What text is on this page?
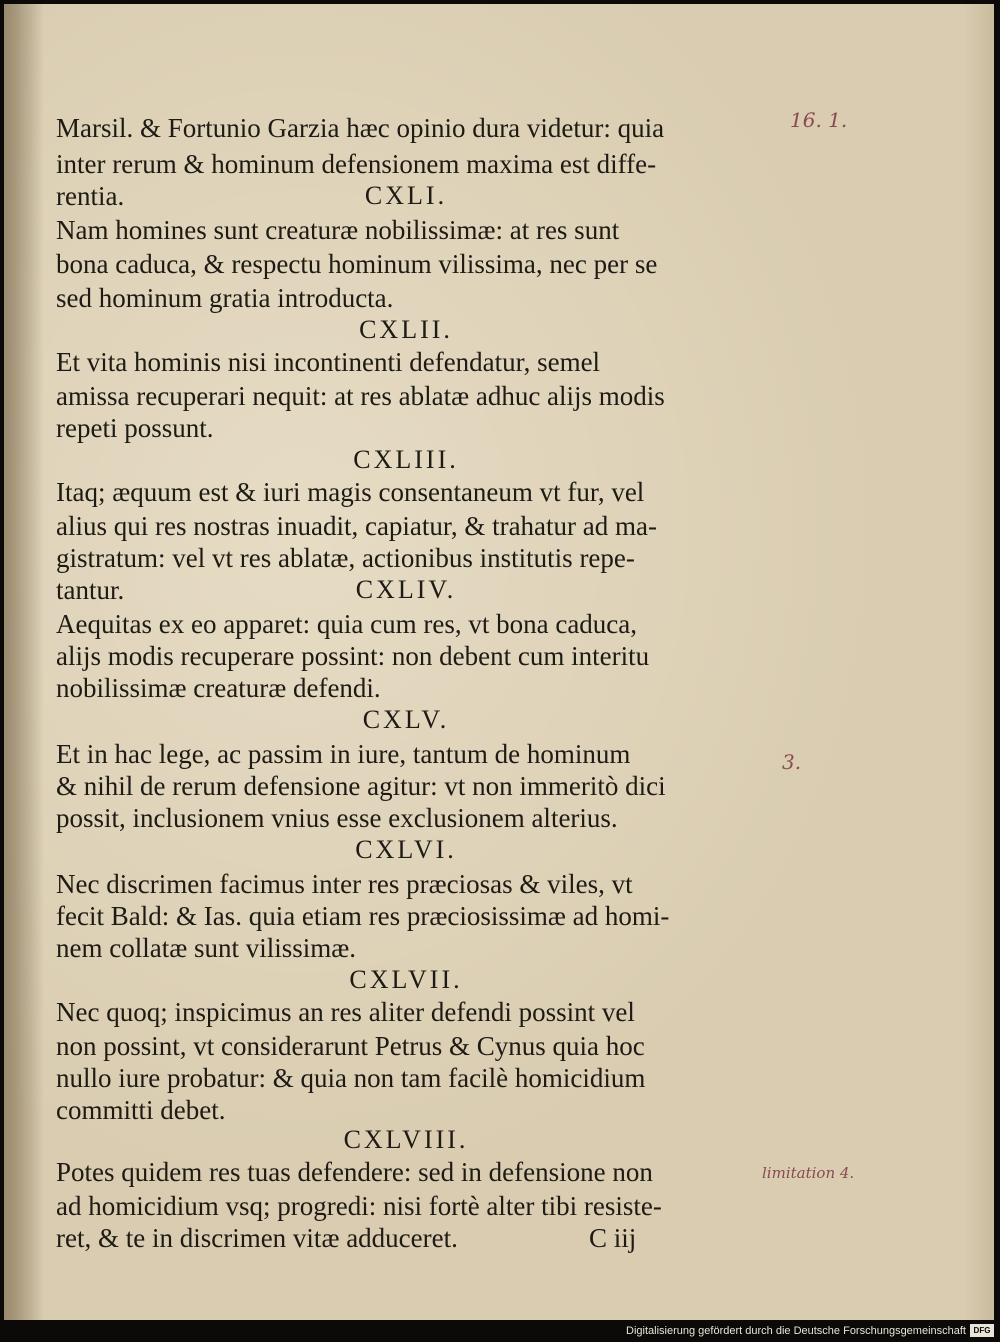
Marsil. & Fortunio Garzia hæc opinio dura videtur: quia
inter rerum & hominum defensionem maxima est diffe-
rentia.	CXLI.
Nam homines sunt creaturæ nobilissimæ: at res sunt
bona caduca, & respectu hominum vilissima, nec per se
sed hominum gratia introducta.
CXLII.
Et vita hominis nisi incontinenti defendatur, semel
amissa recuperari nequit: at res ablatæ adhuc alijs modis
repeti possunt.
CXLIII.
Itaq; æquum est & iuri magis consentaneum vt fur, vel
alius qui res nostras inuadit, capiatur, & trahatur ad ma-
gistratum: vel vt res ablatæ, actionibus institutis repe-
tantur.	CXLIV.
Aequitas ex eo apparet: quia cum res, vt bona caduca,
alijs modis recuperare possint: non debent cum interitu
nobilissimæ creaturæ defendi.
CXLV.
Et in hac lege, ac passim in iure, tantum de hominum
& nihil de rerum defensione agitur: vt non immeritò dici
possit, inclusionem vnius esse exclusionem alterius.
CXLVI.
Nec discrimen facimus inter res præciosas & viles, vt
fecit Bald: & Ias. quia etiam res præciosissimæ ad homi-
nem collatæ sunt vilissimæ.
CXLVII.
Nec quoq; inspicimus an res aliter defendi possint vel
non possint, vt considerarunt Petrus & Cynus quia hoc
nullo iure probatur: & quia non tam facilè homicidium
committi debet.
CXLVIII.
Potes quidem res tuas defendere: sed in defensione non
ad homicidium vsq; progredi: nisi fortè alter tibi resiste-
ret, & te in discrimen vitæ adduceret.	C iij
16. 1.
3.
limitation 4.
Digitalisierung gefördert durch die Deutsche Forschungsgemeinschaft DFG
